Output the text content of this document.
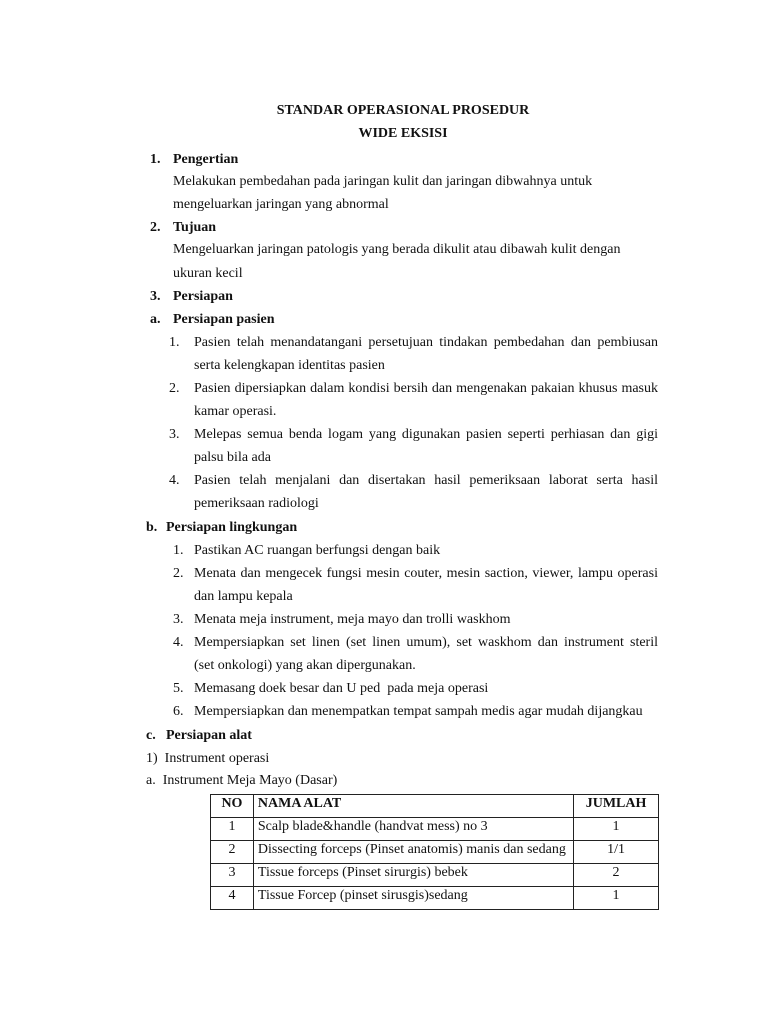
STANDAR OPERASIONAL PROSEDUR
WIDE EKSISI
1. Pengertian
Melakukan pembedahan pada jaringan kulit dan jaringan dibwahnya untuk
mengeluarkan jaringan yang abnormal
2. Tujuan
Mengeluarkan jaringan patologis yang berada dikulit atau dibawah kulit dengan
ukuran kecil
3. Persiapan
a. Persiapan pasien
1. Pasien telah menandatangani persetujuan tindakan pembedahan dan pembiusan
serta kelengkapan identitas pasien
2. Pasien dipersiapkan dalam kondisi bersih dan mengenakan pakaian khusus masuk
kamar operasi.
3. Melepas semua benda logam yang digunakan pasien seperti perhiasan dan gigi
palsu bila ada
4. Pasien telah menjalani dan disertakan hasil pemeriksaan laborat serta hasil
pemeriksaan radiologi
b. Persiapan lingkungan
1. Pastikan AC ruangan berfungsi dengan baik
2. Menata dan mengecek fungsi mesin couter, mesin saction, viewer, lampu operasi
dan lampu kepala
3. Menata meja instrument, meja mayo dan trolli waskhom
4. Mempersiapkan set linen (set linen umum), set waskhom dan instrument steril
(set onkologi) yang akan dipergunakan.
5. Memasang doek besar dan U ped  pada meja operasi
6. Mempersiapkan dan menempatkan tempat sampah medis agar mudah dijangkau
c. Persiapan alat
1)  Instrument operasi
a.  Instrument Meja Mayo (Dasar)
NO	NAMA ALAT	JUMLAH
1	Scalp blade&handle (handvat mess) no 3	1
2	Dissecting forceps (Pinset anatomis) manis dan sedang	1/1
3	Tissue forceps (Pinset sirurgis) bebek	2
4	Tissue Forcep (pinset sirusgis)sedang	1
